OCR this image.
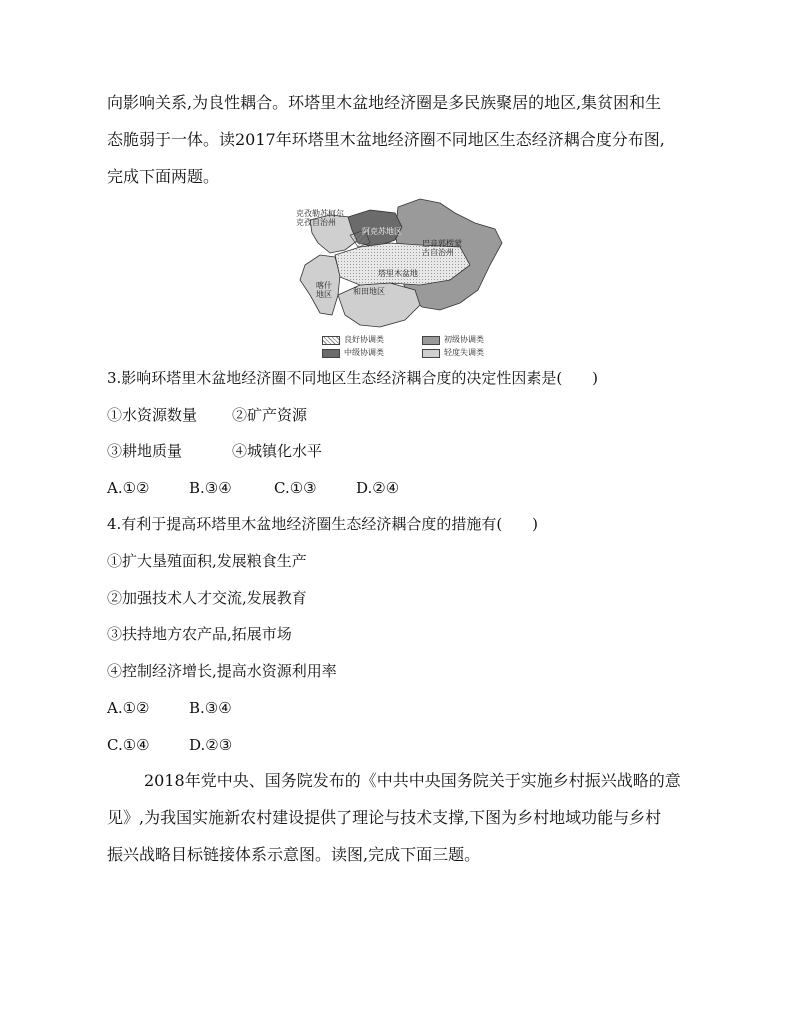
向影响关系,为良性耦合。环塔里木盆地经济圈是多民族聚居的地区,集贫困和生
态脆弱于一体。读2017年环塔里木盆地经济圈不同地区生态经济耦合度分布图,
完成下面两题。
克孜勒苏柯尔
克孜自治州
阿克苏地区
巴音郭楞蒙
古自治州
塔里木盆地
喀什
地区	和田地区
良好协调类	初级协调类
中级协调类	轻度失调类
3.影响环塔里木盆地经济圈不同地区生态经济耦合度的决定性因素是(　　)
①水资源数量 ②矿产资源
③耕地质量	④城镇化水平
A.①②	B.③④	C.①③	D.②④
4.有利于提高环塔里木盆地经济圈生态经济耦合度的措施有(　　)
①扩大垦殖面积,发展粮食生产
②加强技术人才交流,发展教育
③扶持地方农产品,拓展市场
④控制经济增长,提高水资源利用率
A.①②	B.③④
C.①④	D.②③
2018年党中央、国务院发布的《中共中央国务院关于实施乡村振兴战略的意
见》,为我国实施新农村建设提供了理论与技术支撑,下图为乡村地域功能与乡村
振兴战略目标链接体系示意图。读图,完成下面三题。
